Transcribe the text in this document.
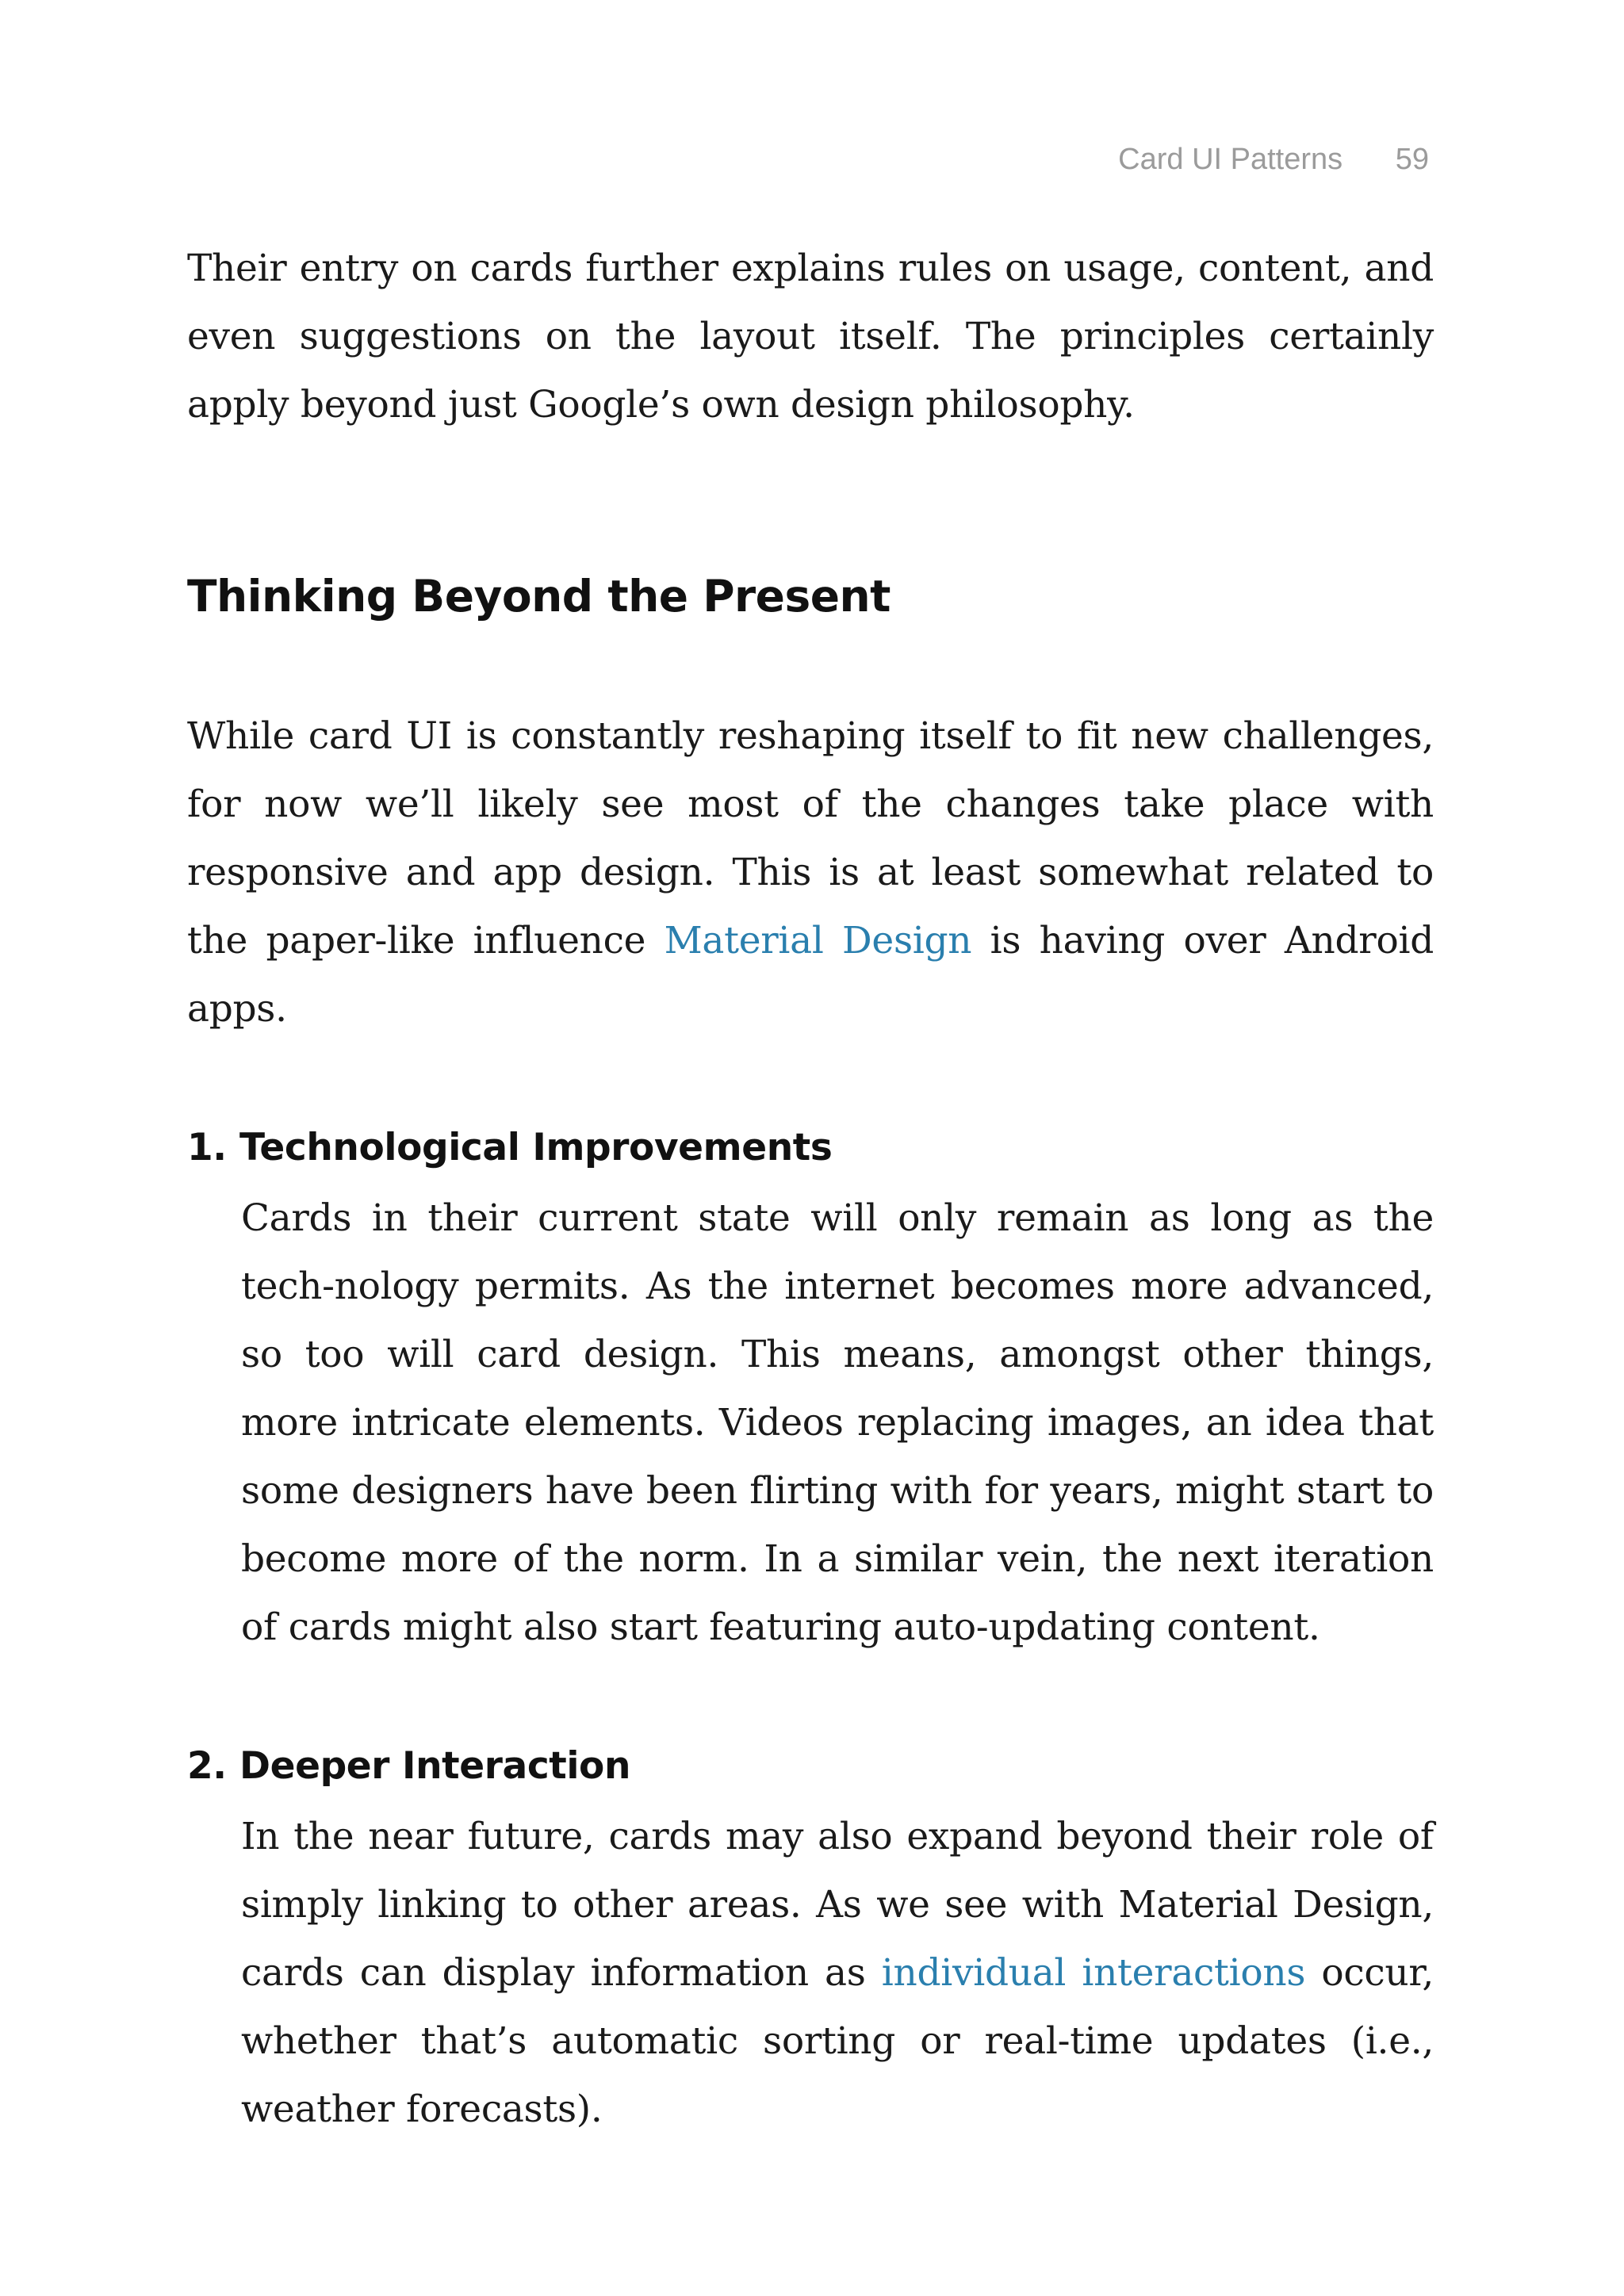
Card UI Patterns 59

Their entry on cards further explains rules on usage, content, and even suggestions on the layout itself. The principles certainly apply beyond just Google’s own design philosophy.

Thinking Beyond the Present

While card UI is constantly reshaping itself to fit new challenges, for now we’ll likely see most of the changes take place with responsive and app design. This is at least somewhat related to the paper-like influence Material Design is having over Android apps.

1. Technological Improvements

Cards in their current state will only remain as long as the tech-nology permits. As the internet becomes more advanced, so too will card design. This means, amongst other things, more intricate elements. Videos replacing images, an idea that some designers have been flirting with for years, might start to become more of the norm. In a similar vein, the next iteration of cards might also start featuring auto-updating content.

2. Deeper Interaction

In the near future, cards may also expand beyond their role of simply linking to other areas. As we see with Material Design, cards can display information as individual interactions occur, whether that’s automatic sorting or real-time updates (i.e., weather forecasts).
